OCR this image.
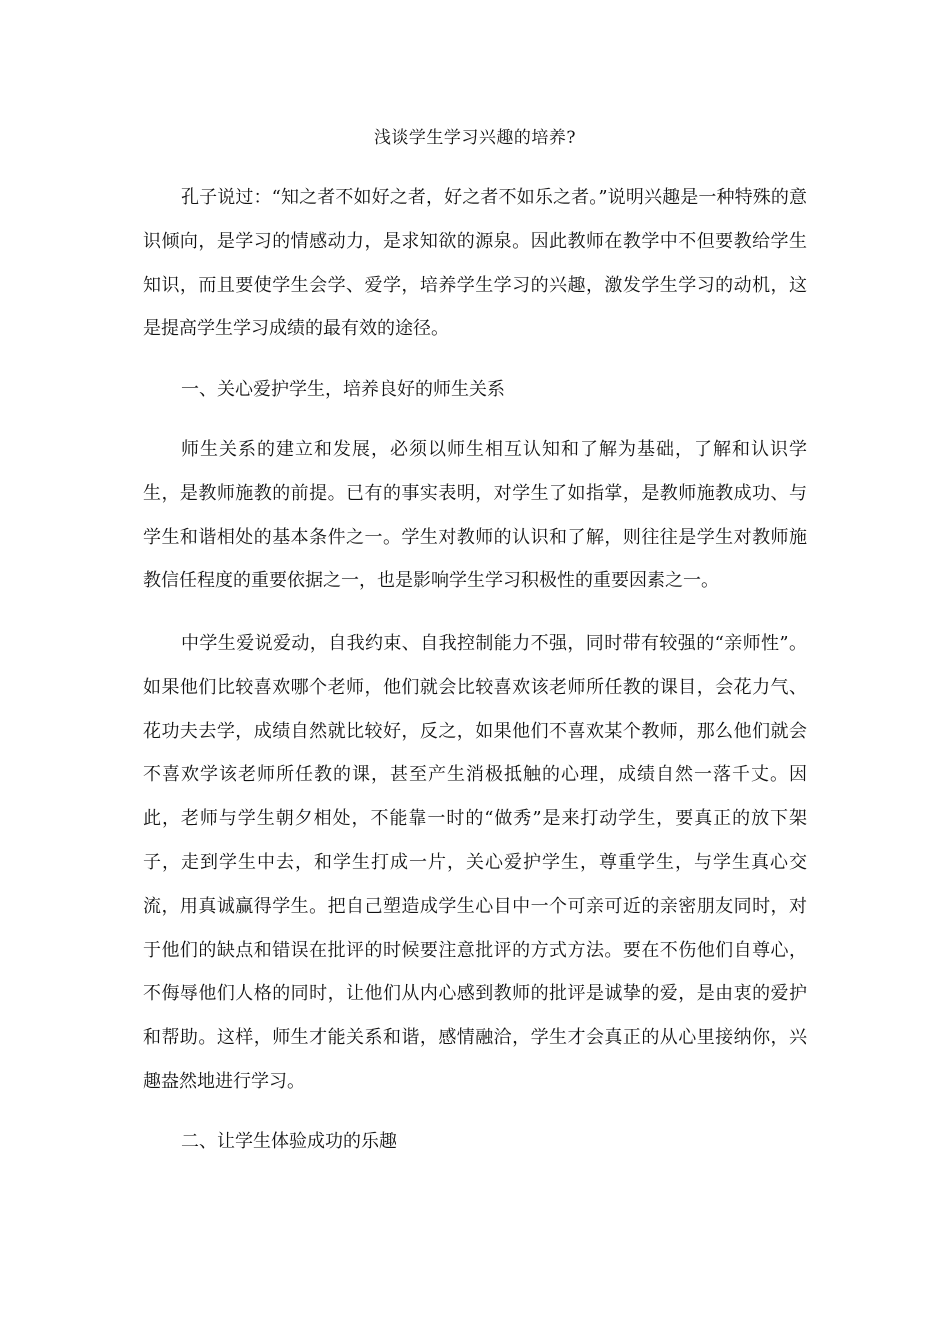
浅谈学生学习兴趣的培养?

孔子说过：“知之者不如好之者，好之者不如乐之者。”说明兴趣是一种特殊的意识倾向，是学习的情感动力，是求知欲的源泉。因此教师在教学中不但要教给学生知识，而且要使学生会学、爱学，培养学生学习的兴趣，激发学生学习的动机，这是提高学生学习成绩的最有效的途径。

一、关心爱护学生，培养良好的师生关系

师生关系的建立和发展，必须以师生相互认知和了解为基础，了解和认识学生，是教师施教的前提。已有的事实表明，对学生了如指掌，是教师施教成功、与学生和谐相处的基本条件之一。学生对教师的认识和了解，则往往是学生对教师施教信任程度的重要依据之一，也是影响学生学习积极性的重要因素之一。

中学生爱说爱动，自我约束、自我控制能力不强，同时带有较强的“亲师性”。如果他们比较喜欢哪个老师，他们就会比较喜欢该老师所任教的课目，会花力气、花功夫去学，成绩自然就比较好，反之，如果他们不喜欢某个教师，那么他们就会不喜欢学该老师所任教的课，甚至产生消极抵触的心理，成绩自然一落千丈。因此，老师与学生朝夕相处，不能靠一时的“做秀”是来打动学生，要真正的放下架子，走到学生中去，和学生打成一片，关心爱护学生，尊重学生，与学生真心交流，用真诚赢得学生。把自己塑造成学生心目中一个可亲可近的亲密朋友同时，对于他们的缺点和错误在批评的时候要注意批评的方式方法。要在不伤他们自尊心，不侮辱他们人格的同时，让他们从内心感到教师的批评是诚挚的爱，是由衷的爱护和帮助。这样，师生才能关系和谐，感情融洽，学生才会真正的从心里接纳你，兴趣盎然地进行学习。

二、让学生体验成功的乐趣
